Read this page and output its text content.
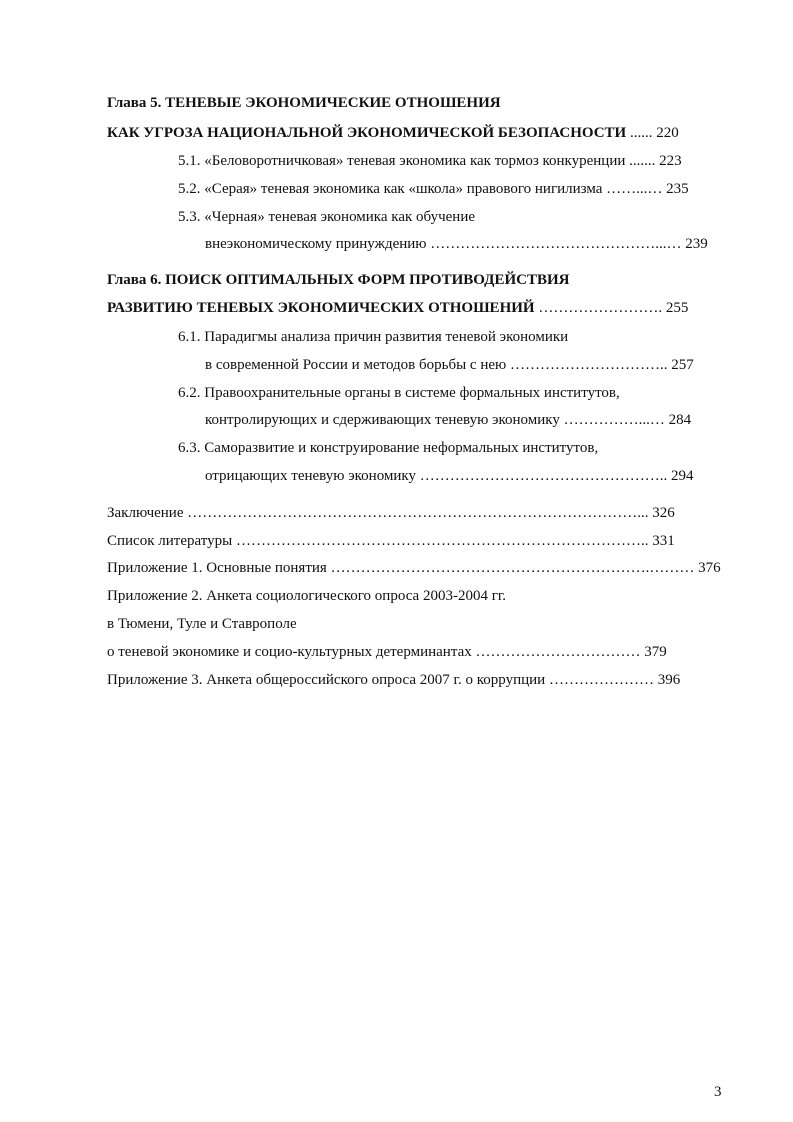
Глава 5. ТЕНЕВЫЕ ЭКОНОМИЧЕСКИЕ ОТНОШЕНИЯ
КАК УГРОЗА НАЦИОНАЛЬНОЙ ЭКОНОМИЧЕСКОЙ БЕЗОПАСНОСТИ ...... 220
5.1. «Беловоротничковая» теневая экономика как тормоз конкуренции ....... 223
5.2. «Серая» теневая экономика как «школа» правового нигилизма ……...… 235
5.3. «Черная» теневая экономика как обучение
внеэкономическому принуждению ………………………………………...… 239
Глава 6. ПОИСК ОПТИМАЛЬНЫХ ФОРМ ПРОТИВОДЕЙСТВИЯ
РАЗВИТИЮ ТЕНЕВЫХ ЭКОНОМИЧЕСКИХ ОТНОШЕНИЙ ……………………. 255
6.1. Парадигмы анализа причин развития теневой экономики
в современной России и методов борьбы с нею ………………………….. 257
6.2. Правоохранительные органы в системе формальных институтов,
контролирующих и сдерживающих теневую экономику ……………...… 284
6.3. Саморазвитие и конструирование неформальных институтов,
отрицающих теневую экономику ………………………………………….. 294
Заключение ………………………………………………………………………………... 326
Список литературы ……………………………………………………………………….. 331
Приложение 1. Основные понятия ……………………………………………………….……… 376
Приложение 2. Анкета социологического опроса 2003-2004 гг.
в Тюмени, Туле и Ставрополе
о теневой экономике и социо-культурных детерминантах …………………………… 379
Приложение 3. Анкета общероссийского опроса 2007 г. о коррупции ………………… 396
3
